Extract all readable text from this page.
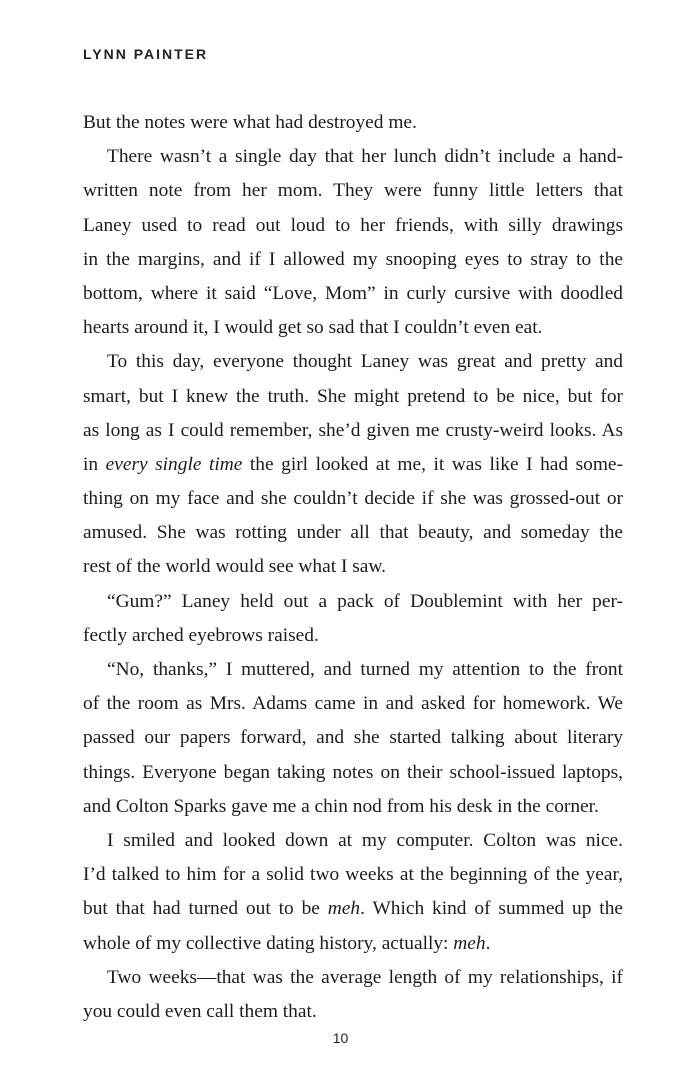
LYNN PAINTER
But the notes were what had destroyed me.
There wasn’t a single day that her lunch didn’t include a hand-
written note from her mom. They were funny little letters that
Laney used to read out loud to her friends, with silly drawings
in the margins, and if I allowed my snooping eyes to stray to the
bottom, where it said “Love, Mom” in curly cursive with doodled
hearts around it, I would get so sad that I couldn’t even eat.
To this day, everyone thought Laney was great and pretty and
smart, but I knew the truth. She might pretend to be nice, but for
as long as I could remember, she’d given me crusty-weird looks. As
in every single time the girl looked at me, it was like I had some-
thing on my face and she couldn’t decide if she was grossed-out or
amused. She was rotting under all that beauty, and someday the
rest of the world would see what I saw.
“Gum?” Laney held out a pack of Doublemint with her per-
fectly arched eyebrows raised.
“No, thanks,” I muttered, and turned my attention to the front
of the room as Mrs. Adams came in and asked for homework. We
passed our papers forward, and she started talking about literary
things. Everyone began taking notes on their school-issued laptops,
and Colton Sparks gave me a chin nod from his desk in the corner.
I smiled and looked down at my computer. Colton was nice.
I’d talked to him for a solid two weeks at the beginning of the year,
but that had turned out to be meh. Which kind of summed up the
whole of my collective dating history, actually: meh.
Two weeks—that was the average length of my relationships, if
you could even call them that.
10
